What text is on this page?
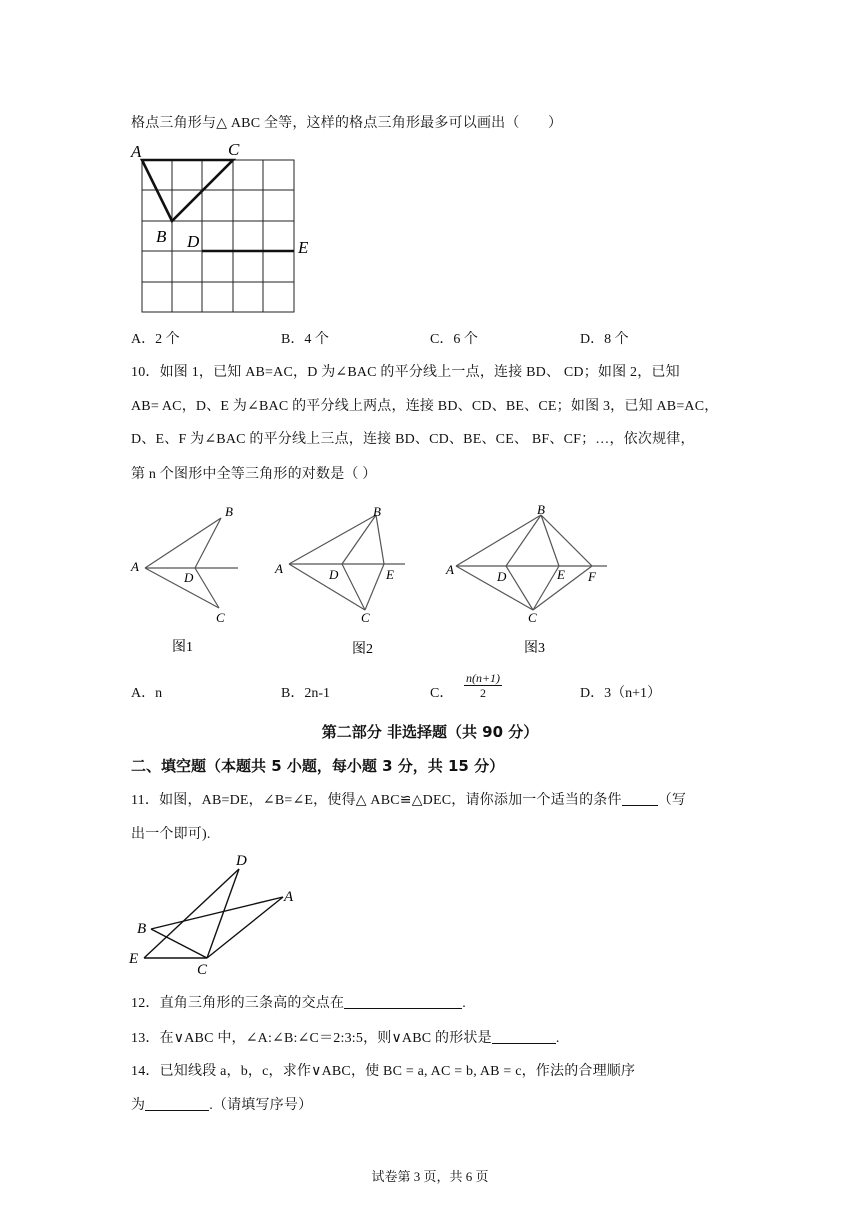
格点三角形与△ ABC 全等，这样的格点三角形最多可以画出（　　）
A	C
B D	E
A．2 个	B．4 个	C．6 个	D．8 个
10．如图 1，已知 AB=AC，D 为∠BAC 的平分线上一点，连接 BD、 CD；如图 2，已知
AB= AC，D、E 为∠BAC 的平分线上两点，连接 BD、CD、BE、CE；如图 3，已知 AB=AC，
D、E、F 为∠BAC 的平分线上三点，连接 BD、CD、BE、CE、 BF、CF；…，依次规律，
第 n 个图形中全等三角形的对数是（ ）
A
B
D
C
图1
A
B
D	E
C
图2
A
B
D	E F
C
图3
A．n	B．2n-1	C． $\frac{n(n+1)}{2}$	D．3（n+1）
第二部分 非选择题（共 90 分）
二、填空题（本题共 5 小题，每小题 3 分，共 15 分）
11．如图，AB=DE，∠B=∠E，使得△ ABC≌△DEC，请你添加一个适当的条件	（写
出一个即可).
D
A
B
E
C
12．直角三角形的三条高的交点在	.
13．在∨ABC 中，∠A:∠B:∠C＝2:3:5，则∨ABC 的形状是	.
14．已知线段 a，b，c，求作∨ABC，使 BC = a, AC = b, AB = c，作法的合理顺序
为	.（请填写序号）
试卷第 3 页，共 6 页
